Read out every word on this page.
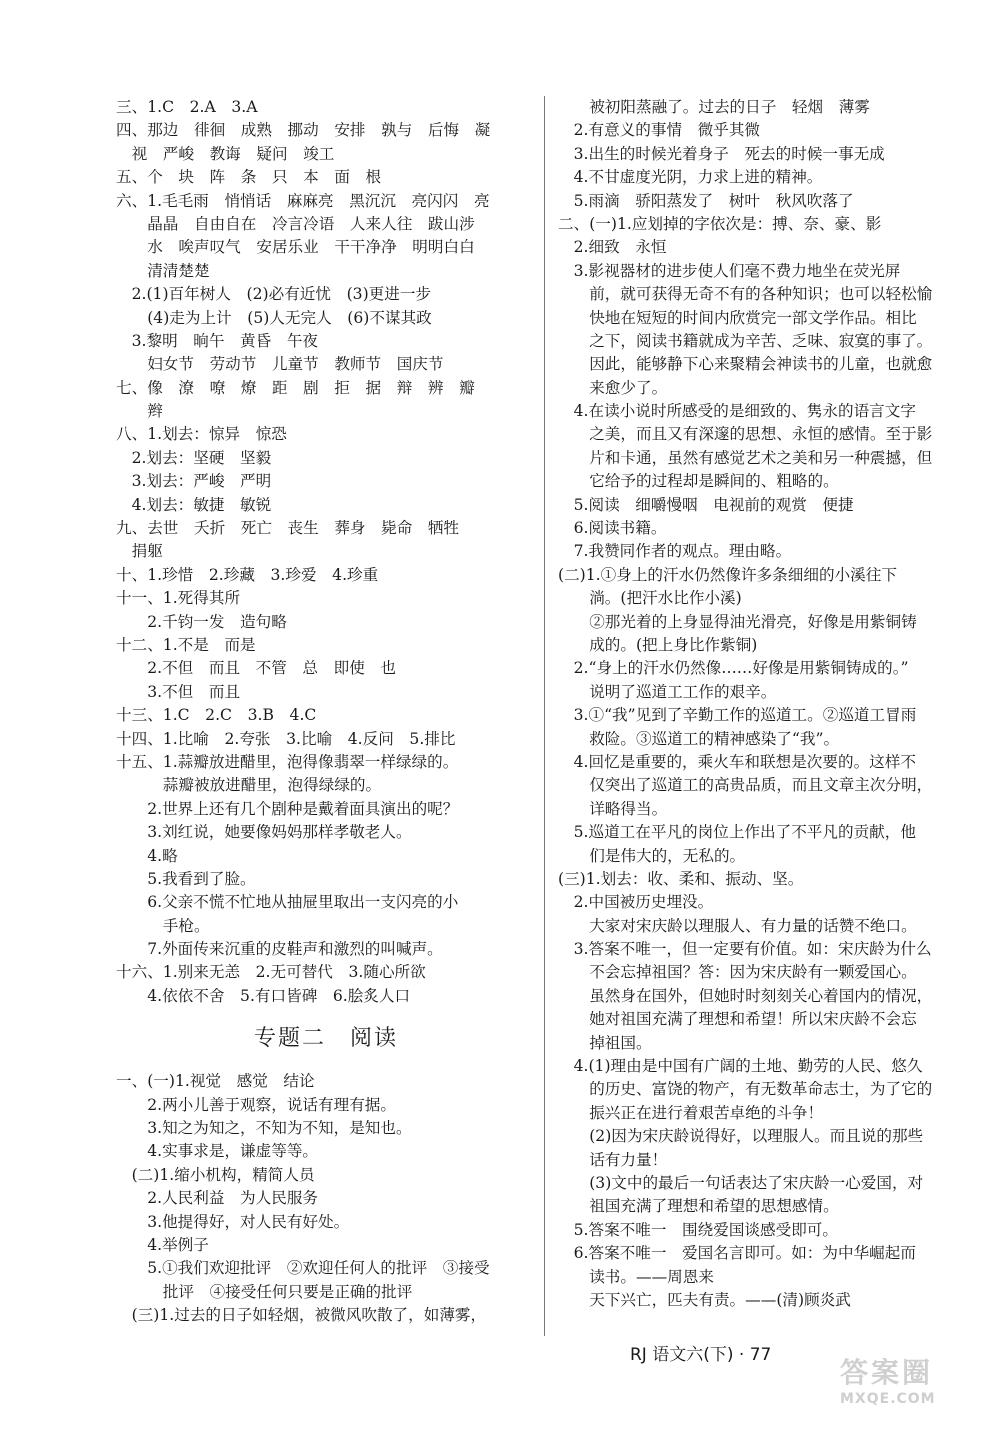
三、1.C　2.A　3.A
四、那边　徘徊　成熟　挪动　安排　孰与　后悔　凝
　视　严峻　教诲　疑问　竣工
五、个　块　阵　条　只　本　面　根
六、1.毛毛雨　悄悄话　麻麻亮　黑沉沉　亮闪闪　亮
　　晶晶　自由自在　冷言冷语　人来人往　跋山涉
　　水　唉声叹气　安居乐业　干干净净　明明白白
　　清清楚楚
　2.(1)百年树人　(2)必有近忧　(3)更进一步
　　(4)走为上计　(5)人无完人　(6)不谋其政
　3.黎明　晌午　黄昏　午夜
　　妇女节　劳动节　儿童节　教师节　国庆节
七、像　潦　嘹　燎　距　剧　拒　据　辩　辨　瓣
　　辫
八、1.划去：惊异　惊恐
　2.划去：坚硬　坚毅
　3.划去：严峻　严明
　4.划去：敏捷　敏锐
九、去世　夭折　死亡　丧生　葬身　毙命　牺牲
　捐躯
十、1.珍惜　2.珍藏　3.珍爱　4.珍重
十一、1.死得其所
　　2.千钧一发　造句略
十二、1.不是　而是
　　2.不但　而且　不管　总　即使　也
　　3.不但　而且
十三、1.C　2.C　3.B　4.C
十四、1.比喻　2.夸张　3.比喻　4.反问　5.排比
十五、1.蒜瓣放进醋里，泡得像翡翠一样绿绿的。
　　　蒜瓣被放进醋里，泡得绿绿的。
　　2.世界上还有几个剧种是戴着面具演出的呢？
　　3.刘红说，她要像妈妈那样孝敬老人。
　　4.略
　　5.我看到了脸。
　　6.父亲不慌不忙地从抽屉里取出一支闪亮的小
　　　手枪。
　　7.外面传来沉重的皮鞋声和激烈的叫喊声。
十六、1.别来无恙　2.无可替代　3.随心所欲
　　4.依依不舍　5.有口皆碑　6.脍炙人口
专题二　阅读
一、(一)1.视觉　感觉　结论
　　2.两小儿善于观察，说话有理有据。
　　3.知之为知之，不知为不知，是知也。
　　4.实事求是，谦虚等等。
　(二)1.缩小机构，精简人员
　　2.人民利益　为人民服务
　　3.他提得好，对人民有好处。
　　4.举例子
　　5.①我们欢迎批评　②欢迎任何人的批评　③接受
　　　批评　④接受任何只要是正确的批评
　(三)1.过去的日子如轻烟，被微风吹散了，如薄雾，
　　被初阳蒸融了。过去的日子　轻烟　薄雾
　2.有意义的事情　微乎其微
　3.出生的时候光着身子　死去的时候一事无成
　4.不甘虚度光阴，力求上进的精神。
　5.雨滴　骄阳蒸发了　树叶　秋风吹落了
二、(一)1.应划掉的字依次是：搏、奈、豪、影
　2.细致　永恒
　3.影视器材的进步使人们毫不费力地坐在荧光屏
　　前，就可获得无奇不有的各种知识；也可以轻松愉
　　快地在短短的时间内欣赏完一部文学作品。相比
　　之下，阅读书籍就成为辛苦、乏味、寂寞的事了。
　　因此，能够静下心来聚精会神读书的儿童，也就愈
　　来愈少了。
　4.在读小说时所感受的是细致的、隽永的语言文字
　　之美，而且又有深邃的思想、永恒的感情。至于影
　　片和卡通，虽然有感觉艺术之美和另一种震撼，但
　　它给予的过程却是瞬间的、粗略的。
　5.阅读　细嚼慢咽　电视前的观赏　便捷
　6.阅读书籍。
　7.我赞同作者的观点。理由略。
(二)1.①身上的汗水仍然像许多条细细的小溪往下
　　淌。(把汗水比作小溪)
　　②那光着的上身显得油光滑亮，好像是用紫铜铸
　　成的。(把上身比作紫铜)
　2.“身上的汗水仍然像……好像是用紫铜铸成的。”
　　说明了巡道工工作的艰辛。
　3.①“我”见到了辛勤工作的巡道工。②巡道工冒雨
　　救险。③巡道工的精神感染了“我”。
　4.回忆是重要的，乘火车和联想是次要的。这样不
　　仅突出了巡道工的高贵品质，而且文章主次分明，
　　详略得当。
　5.巡道工在平凡的岗位上作出了不平凡的贡献，他
　　们是伟大的，无私的。
(三)1.划去：收、柔和、振动、坚。
　2.中国被历史埋没。
　　大家对宋庆龄以理服人、有力量的话赞不绝口。
　3.答案不唯一，但一定要有价值。如：宋庆龄为什么
　　不会忘掉祖国？答：因为宋庆龄有一颗爱国心。
　　虽然身在国外，但她时时刻刻关心着国内的情况，
　　她对祖国充满了理想和希望！所以宋庆龄不会忘
　　掉祖国。
　4.(1)理由是中国有广阔的土地、勤劳的人民、悠久
　　的历史、富饶的物产，有无数革命志士，为了它的
　　振兴正在进行着艰苦卓绝的斗争！
　　(2)因为宋庆龄说得好，以理服人。而且说的那些
　　话有力量！
　　(3)文中的最后一句话表达了宋庆龄一心爱国，对
　　祖国充满了理想和希望的思想感情。
　5.答案不唯一　围绕爱国谈感受即可。
　6.答案不唯一　爱国名言即可。如：为中华崛起而
　　读书。——周恩来
　　天下兴亡，匹夫有责。——(清)顾炎武
RJ 语文六(下) · 77
答案圈
MXQE.COM
